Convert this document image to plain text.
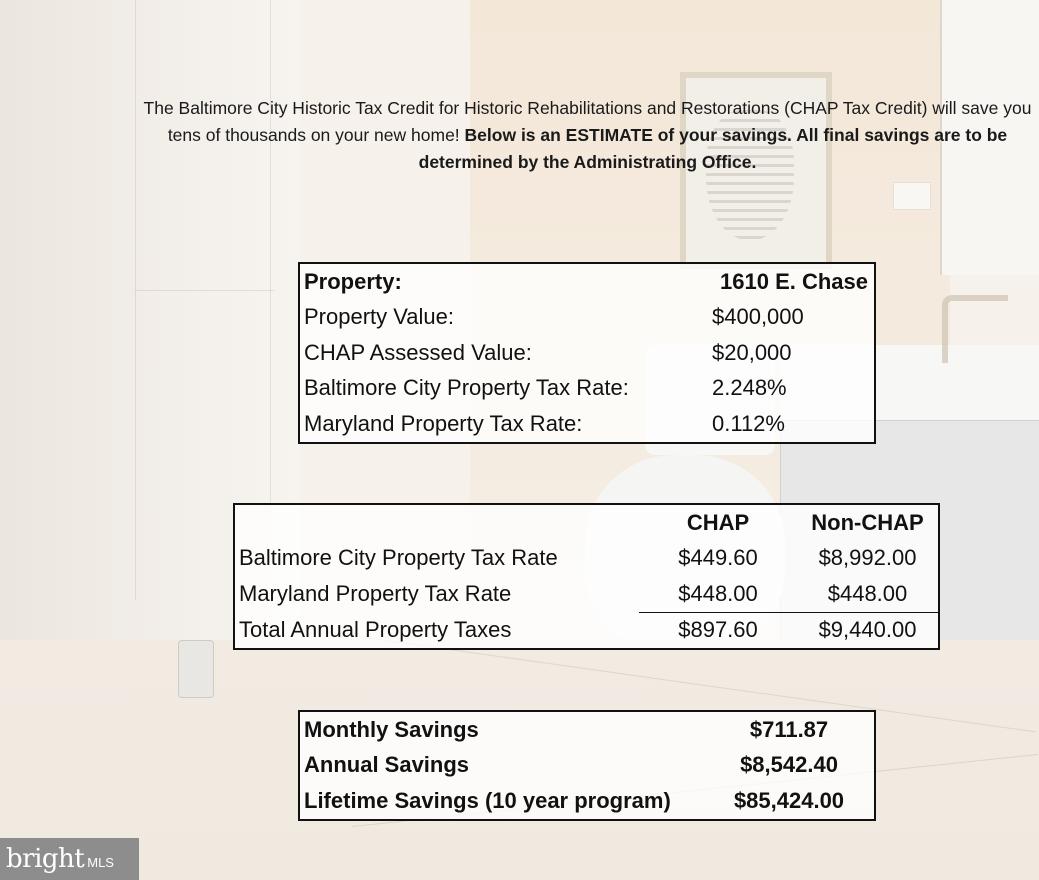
The Baltimore City Historic Tax Credit for Historic Rehabilitations and Restorations (CHAP Tax Credit) will save you tens of thousands on your new home! Below is an ESTIMATE of your savings. All final savings are to be determined by the Administrating Office.
Property:	1610 E. Chase
Property Value:	$400,000
CHAP Assessed Value:	$20,000
Baltimore City Property Tax Rate:	2.248%
Maryland Property Tax Rate:	0.112%
	CHAP	Non-CHAP
Baltimore City Property Tax Rate	$449.60	$8,992.00
Maryland Property Tax Rate	$448.00	$448.00
Total Annual Property Taxes	$897.60	$9,440.00
Monthly Savings	$711.87
Annual Savings	$8,542.40
Lifetime Savings (10 year program)	$85,424.00
bright MLS
